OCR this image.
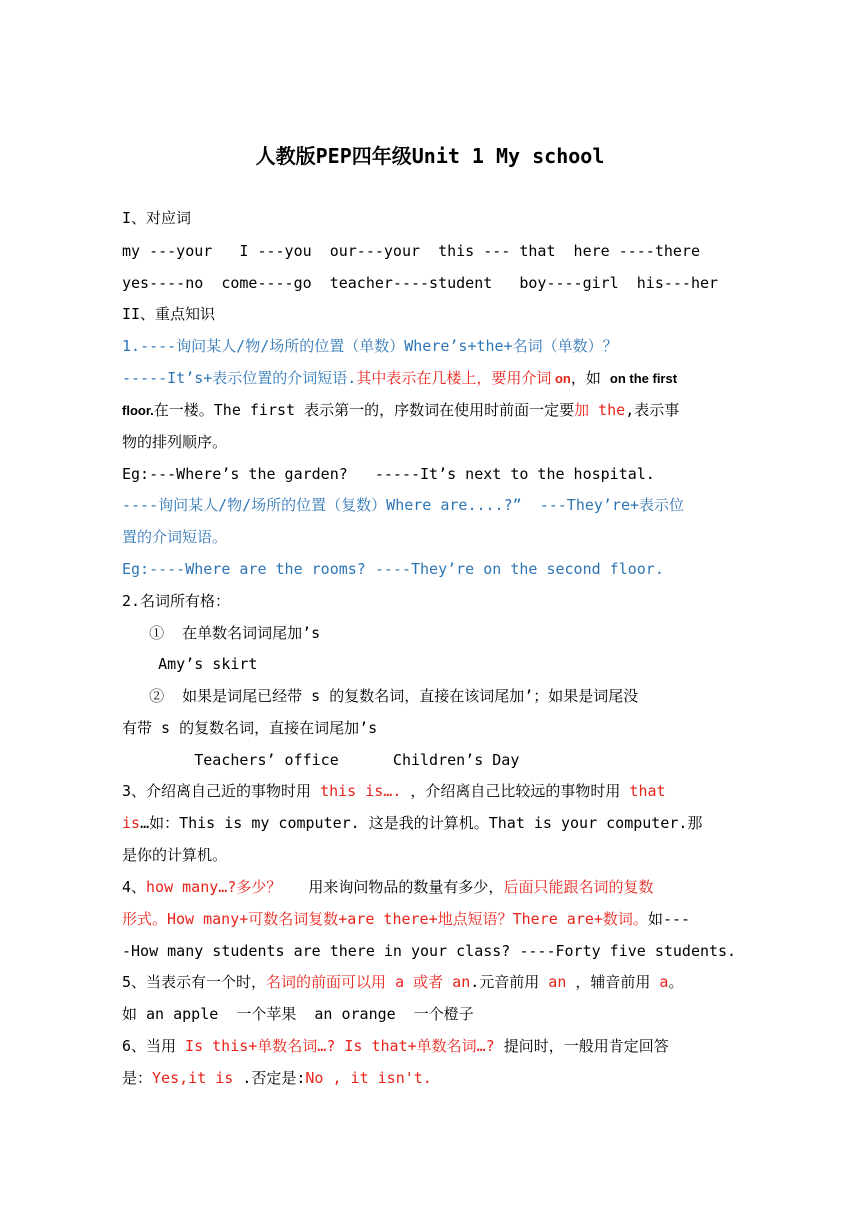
人教版PEP四年级Unit 1 My school
I、对应词
my ---your   I ---you  our---your  this --- that  here ----there
yes----no  come----go  teacher----student   boy----girl  his---her
II、重点知识
1.----询问某人/物/场所的位置（单数）Where’s+the+名词（单数）？
-----It’s+表示位置的介词短语.其中表示在几楼上，要用介词 on，如 on the first
floor.在一楼。The first 表示第一的，序数词在使用时前面一定要加 the,表示事
物的排列顺序。
Eg:---Where’s the garden?   -----It’s next to the hospital.
----询问某人/物/场所的位置（复数）Where are....?”  ---They’re+表示位
置的介词短语。
Eg:----Where are the rooms? ----They’re on the second floor.
2.名词所有格：
①  在单数名词词尾加’s
Amy’s skirt
②  如果是词尾已经带 s 的复数名词，直接在该词尾加’；如果是词尾没
有带 s 的复数名词，直接在词尾加’s
Teachers’ office      Children’s Day
3、介绍离自己近的事物时用 this is…. ，介绍离自己比较远的事物时用 that
is…如：This is my computer. 这是我的计算机。That is your computer.那
是你的计算机。
4、how many…?多少？   用来询问物品的数量有多少，后面只能跟名词的复数
形式。How many+可数名词复数+are there+地点短语？There are+数词。如---
-How many students are there in your class? ----Forty five students.
5、当表示有一个时，名词的前面可以用 a 或者 an.元音前用 an ，辅音前用 a。
如 an apple  一个苹果  an orange  一个橙子
6、当用 Is this+单数名词…? Is that+单数名词…? 提问时，一般用肯定回答
是：Yes,it is .否定是:No , it isn't.
